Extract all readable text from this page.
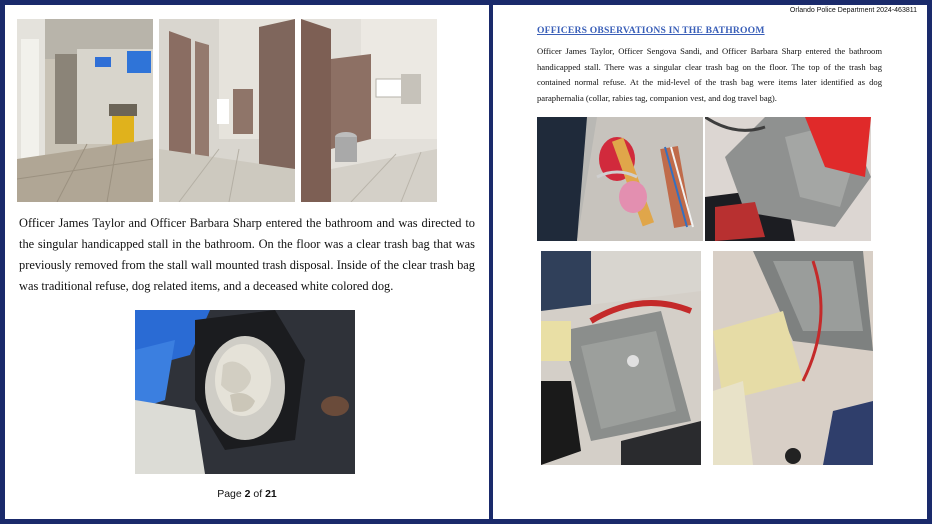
Officer James Taylor and Officer Barbara Sharp entered the bathroom and was directed to the singular handicapped stall in the bathroom. On the floor was a clear trash bag that was previously removed from the stall wall mounted trash disposal. Inside of the clear trash bag was traditional refuse, dog related items, and a deceased white colored dog.

Page 2 of 21
Orlando Police Department 2024-463811
OFFICERS OBSERVATIONS IN THE BATHROOM

Officer James Taylor, Officer Sengova Sandi, and Officer Barbara Sharp entered the bathroom handicapped stall. There was a singular clear trash bag on the floor. The top of the trash bag contained normal refuse. At the mid-level of the trash bag were items later identified as dog paraphernalia (collar, rabies tag, companion vest, and dog travel bag).
